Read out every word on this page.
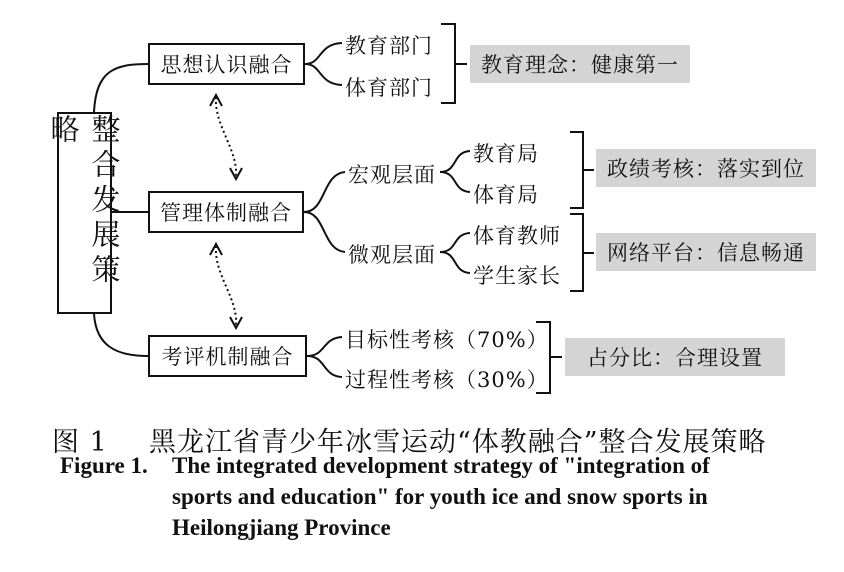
整合发展策略
思想认识融合
管理体制融合
考评机制融合
教育部门
体育部门
宏观层面
微观层面
教育局
体育局
体育教师
学生家长
目标性考核（70%）
过程性考核（30%）
教育理念：健康第一
政绩考核：落实到位
网络平台：信息畅通
占分比：合理设置
图 1 黑龙江省青少年冰雪运动“体教融合”整合发展策略
Figure 1. The integrated development strategy of "integration of
sports and education" for youth ice and snow sports in
Heilongjiang Province
